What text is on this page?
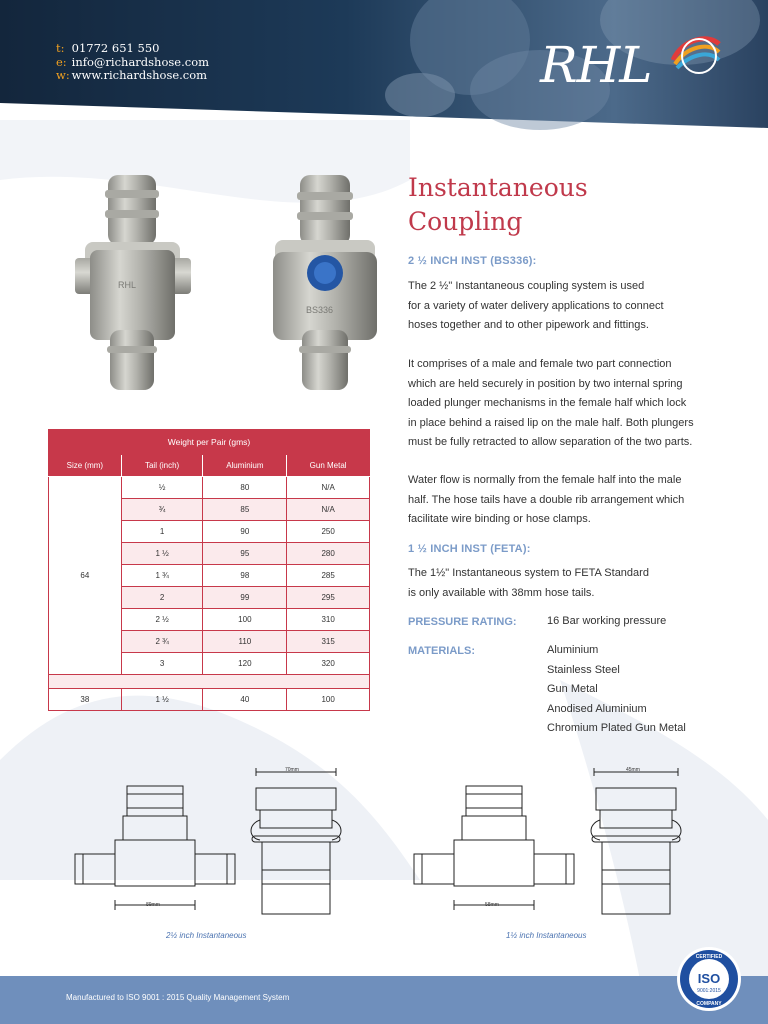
t: 01772 651 550
e: info@richardshose.com
w: www.richardshose.com	RHL
RHL
BS336
Instantaneous
Coupling
2 ½ INCH INST (BS336):
The 2 ½" Instantaneous coupling system is used
for a variety of water delivery applications to connect
hoses together and to other pipework and fittings.
It comprises of a male and female two part connection
which are held securely in position by two internal spring
loaded plunger mechanisms in the female half which lock
in place behind a raised lip on the male half. Both plungers
must be fully retracted to allow separation of the two parts.
Water flow is normally from the female half into the male
half. The hose tails have a double rib arrangement which
facilitate wire binding or hose clamps.
1 ½ INCH INST (FETA):
The 1½" Instantaneous system to FETA Standard
is only available with 38mm hose tails.
PRESSURE RATING:	16 Bar working pressure
MATERIALS:	Aluminium
Stainless Steel
Gun Metal
Anodised Aluminium
Chromium Plated Gun Metal
Weight per Pair (gms)			
Size (mm)	Tail (inch)	Aluminium	Gun Metal
64	½	80	N/A
	¾	85	N/A
	1	90	250
	1 ½	95	280
	1 ¾	98	285
	2	99	295
	2 ½	100	310
	2 ¾	110	315
	3	120	320

38	1 ½	40	100
70mm
89mm
2½ inch Instantaneous
45mm
58mm
1½ inch Instantaneous
Manufactured to ISO 9001 : 2015 Quality Management System
CERTIFIED
ISO
9001:2015
COMPANY
